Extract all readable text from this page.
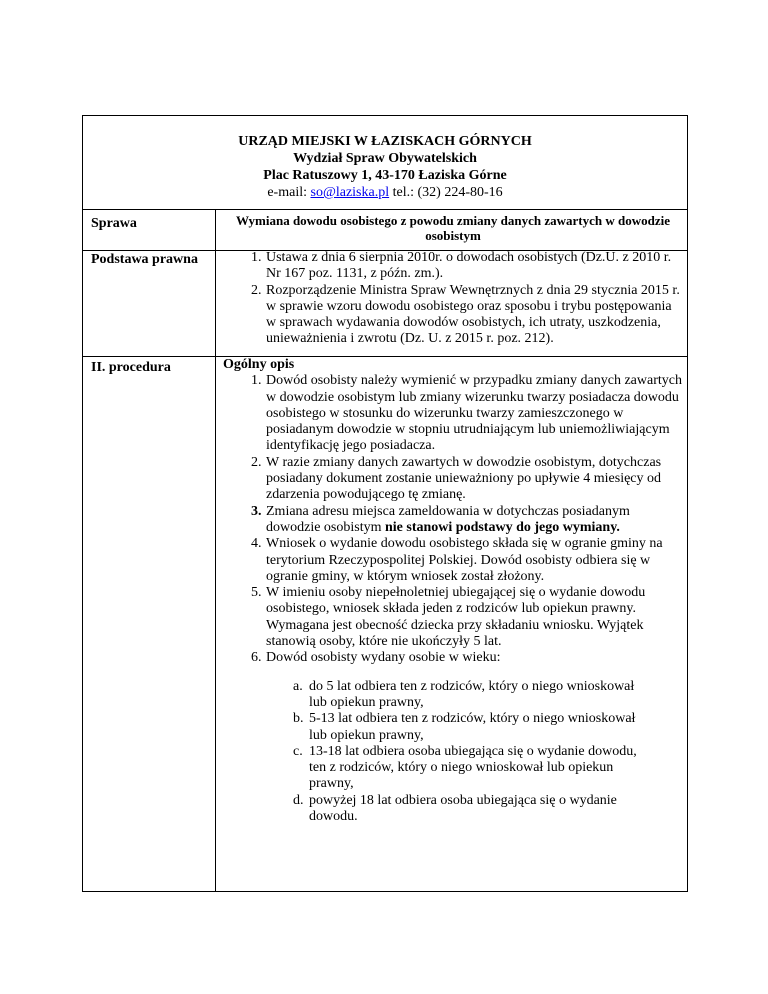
URZĄD MIEJSKI W ŁAZISKACH GÓRNYCH
Wydział Spraw Obywatelskich
Plac Ratuszowy 1, 43-170 Łaziska Górne
e-mail: so@laziska.pl tel.: (32) 224-80-16
Sprawa	Wymiana dowodu osobistego z powodu zmiany danych zawartych w dowodzie osobistym
Podstawa prawna	1. Ustawa z dnia 6 sierpnia 2010r. o dowodach osobistych (Dz.U. z 2010 r. Nr 167 poz. 1131, z późn. zm.).
2. Rozporządzenie Ministra Spraw Wewnętrznych z dnia 29 stycznia 2015 r. w sprawie wzoru dowodu osobistego oraz sposobu i trybu postępowania w sprawach wydawania dowodów osobistych, ich utraty, uszkodzenia, unieważnienia i zwrotu (Dz. U. z 2015 r. poz. 212).
II. procedura	Ogólny opis
1. Dowód osobisty należy wymienić w przypadku zmiany danych zawartych w dowodzie osobistym lub zmiany wizerunku twarzy posiadacza dowodu osobistego w stosunku do wizerunku twarzy zamieszczonego w posiadanym dowodzie w stopniu utrudniającym lub uniemożliwiającym identyfikację jego posiadacza.
2. W razie zmiany danych zawartych w dowodzie osobistym, dotychczas posiadany dokument zostanie unieważniony po upływie 4 miesięcy od zdarzenia powodującego tę zmianę.
3. Zmiana adresu miejsca zameldowania w dotychczas posiadanym dowodzie osobistym nie stanowi podstawy do jego wymiany.
4. Wniosek o wydanie dowodu osobistego składa się w ogranie gminy na terytorium Rzeczypospolitej Polskiej. Dowód osobisty odbiera się w ogranie gminy, w którym wniosek został złożony.
5. W imieniu osoby niepełnoletniej ubiegającej się o wydanie dowodu osobistego, wniosek składa jeden z rodziców lub opiekun prawny. Wymagana jest obecność dziecka przy składaniu wniosku. Wyjątek stanowią osoby, które nie ukończyły 5 lat.
6. Dowód osobisty wydany osobie w wieku:
a. do 5 lat odbiera ten z rodziców, który o niego wnioskował lub opiekun prawny,
b. 5-13 lat odbiera ten z rodziców, który o niego wnioskował lub opiekun prawny,
c. 13-18 lat odbiera osoba ubiegająca się o wydanie dowodu, ten z rodziców, który o niego wnioskował lub opiekun prawny,
d. powyżej 18 lat odbiera osoba ubiegająca się o wydanie dowodu.
